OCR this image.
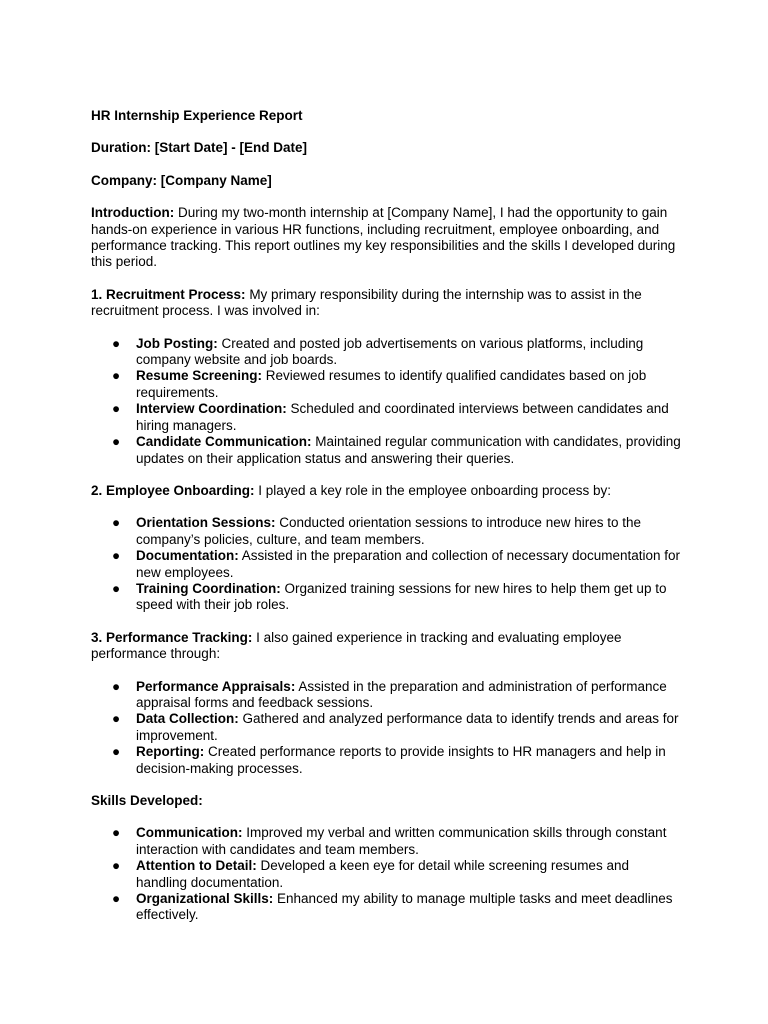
HR Internship Experience Report
Duration: [Start Date] - [End Date]
Company: [Company Name]

Introduction: During my two-month internship at [Company Name], I had the opportunity to gain hands-on experience in various HR functions, including recruitment, employee onboarding, and performance tracking. This report outlines my key responsibilities and the skills I developed during this period.

1. Recruitment Process: My primary responsibility during the internship was to assist in the recruitment process. I was involved in:

● Job Posting: Created and posted job advertisements on various platforms, including company website and job boards.
● Resume Screening: Reviewed resumes to identify qualified candidates based on job requirements.
● Interview Coordination: Scheduled and coordinated interviews between candidates and hiring managers.
● Candidate Communication: Maintained regular communication with candidates, providing updates on their application status and answering their queries.

2. Employee Onboarding: I played a key role in the employee onboarding process by:

● Orientation Sessions: Conducted orientation sessions to introduce new hires to the company’s policies, culture, and team members.
● Documentation: Assisted in the preparation and collection of necessary documentation for new employees.
● Training Coordination: Organized training sessions for new hires to help them get up to speed with their job roles.

3. Performance Tracking: I also gained experience in tracking and evaluating employee performance through:

● Performance Appraisals: Assisted in the preparation and administration of performance appraisal forms and feedback sessions.
● Data Collection: Gathered and analyzed performance data to identify trends and areas for improvement.
● Reporting: Created performance reports to provide insights to HR managers and help in decision-making processes.
Skills Developed:
● Communication: Improved my verbal and written communication skills through constant interaction with candidates and team members.
● Attention to Detail: Developed a keen eye for detail while screening resumes and handling documentation.
● Organizational Skills: Enhanced my ability to manage multiple tasks and meet deadlines effectively.
